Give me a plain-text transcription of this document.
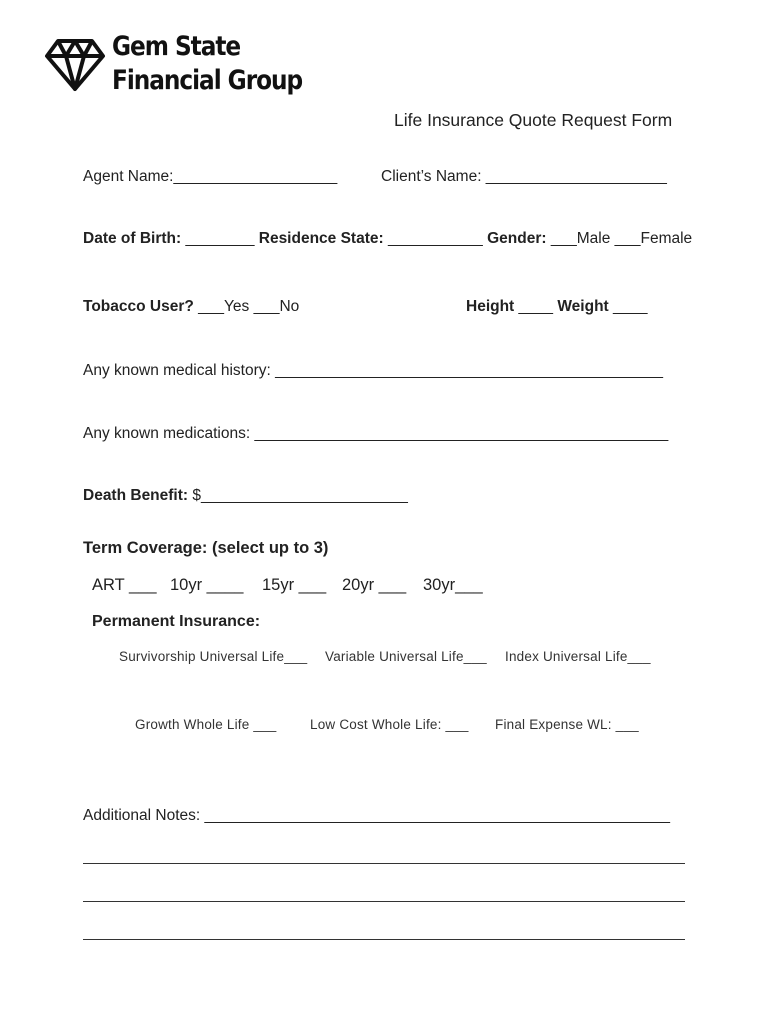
Gem State
Financial Group
Life Insurance Quote Request Form
Agent Name:___________________	Client’s Name: _____________________
Date of Birth: ________ Residence State: ___________ Gender: ___Male ___Female
Tobacco User? ___Yes ___No	Height ____ Weight ____
Any known medical history: _____________________________________________
Any known medications: ________________________________________________
Death Benefit: $________________________
Term Coverage: (select up to 3)
ART ___ 10yr ____ 15yr ___ 20yr ___ 30yr___
Permanent Insurance:
Survivorship Universal Life___ Variable Universal Life___ Index Universal Life___
Growth Whole Life ___ Low Cost Whole Life: ___ Final Expense WL: ___
Additional Notes: ______________________________________________________
